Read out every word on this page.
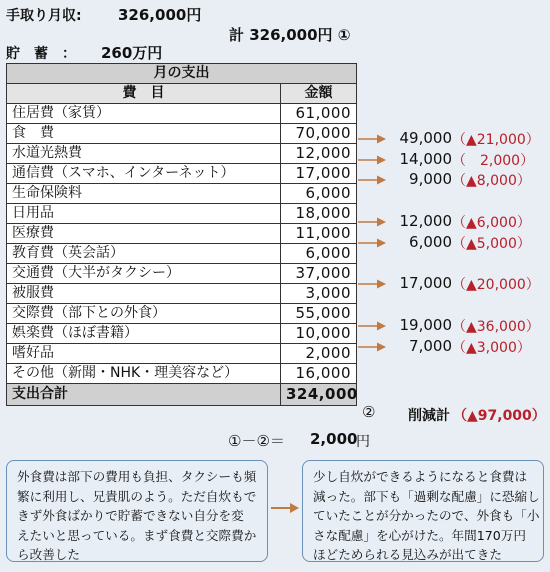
手取り月収: 326,000円
計 326,000円 ①
貯　蓄　： 260万円
月の支出	
費　目	金額
住居費（家賃）	61,000
食　費	70,000
水道光熱費	12,000
通信費（スマホ、インターネット）	17,000
生命保険料	6,000
日用品	18,000
医療費	11,000
教育費（英会話）	6,000
交通費（大半がタクシー）	37,000
被服費	3,000
交際費（部下との外食）	55,000
娯楽費（ほぼ書籍）	10,000
嗜好品	2,000
その他（新聞・NHK・理美容など）	16,000
支出合計	324,000
②
49,000 （▲21,000）
14,000 （　2,000）
9,000 （▲8,000）
12,000 （▲6,000）
6,000 （▲5,000）
17,000 （▲20,000）
19,000 （▲36,000）
7,000 （▲3,000）
削減計 （▲97,000）
①－②＝ 2,000
円
外食費は部下の費用も負担、タクシーも頻
繁に利用し、兄貴肌のよう。ただ自炊もで
きず外食ばかりで貯蓄できない自分を変
えたいと思っている。まず食費と交際費か
ら改善した
少し自炊ができるようになると食費は
減った。部下も「過剰な配慮」に恐縮し
ていたことが分かったので、外食も「小
さな配慮」を心がけた。年間170万円
ほどためられる見込みが出てきた
